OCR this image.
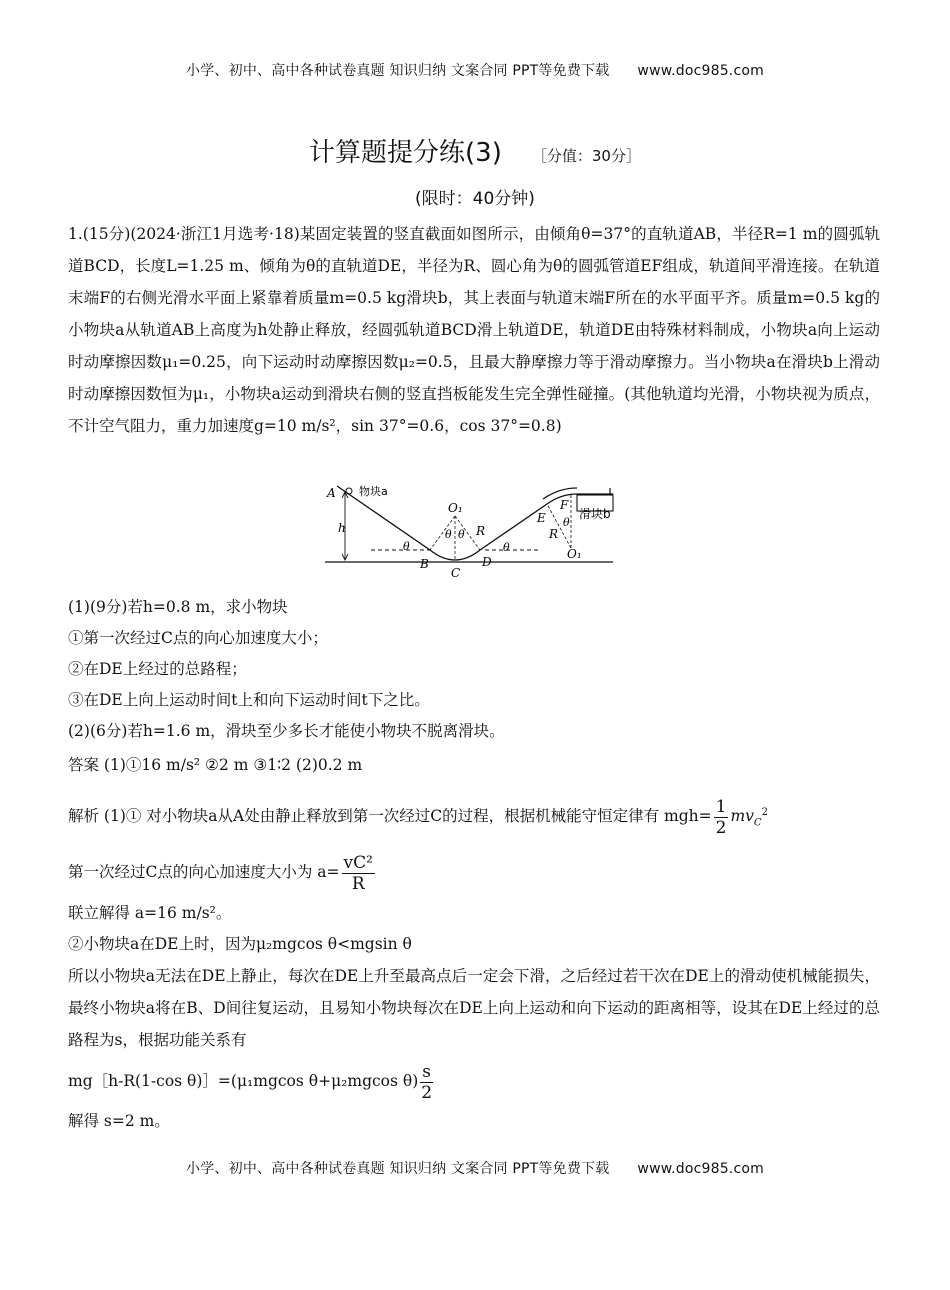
小学、初中、高中各种试卷真题 知识归纳 文案合同 PPT等免费下载 www.doc985.com
计算题提分练(3) ［分值：30分］
(限时：40分钟)
1.(15分)(2024·浙江1月选考·18)某固定装置的竖直截面如图所示，由倾角θ=37°的直轨道AB，半径R=1 m的圆弧轨道BCD，长度L=1.25 m、倾角为θ的直轨道DE，半径为R、圆心角为θ的圆弧管道EF组成，轨道间平滑连接。在轨道末端F的右侧光滑水平面上紧靠着质量m=0.5 kg滑块b，其上表面与轨道末端F所在的水平面平齐。质量m=0.5 kg的小物块a从轨道AB上高度为h处静止释放，经圆弧轨道BCD滑上轨道DE，轨道DE由特殊材料制成，小物块a向上运动时动摩擦因数μ₁=0.25，向下运动时动摩擦因数μ₂=0.5，且最大静摩擦力等于滑动摩擦力。当小物块a在滑块b上滑动时动摩擦因数恒为μ₁，小物块a运动到滑块右侧的竖直挡板能发生完全弹性碰撞。(其他轨道均光滑，小物块视为质点，不计空气阻力，重力加速度g=10 m/s²，sin 37°=0.6，cos 37°=0.8)
A 物块a
h
θ
B
C
D
O₁
θ θ R
θ
E
F
θ
R
O₁
滑块b
(1)(9分)若h=0.8 m，求小物块
①第一次经过C点的向心加速度大小；
②在DE上经过的总路程；
③在DE上向上运动时间t上和向下运动时间t下之比。
(2)(6分)若h=1.6 m，滑块至少多长才能使小物块不脱离滑块。
答案 (1)①16 m/s² ②2 m ③1∶2 (2)0.2 m
解析 (1)① 对小物块a从A处由静止释放到第一次经过C的过程，根据机械能守恒定律有 $mgh= \frac{1}{2} mv_C^2$
第一次经过C点的向心加速度大小为 $a= \frac{\text{vC²}}{R}$
联立解得 a=16 m/s²。
②小物块a在DE上时，因为μ₂mgcos θ<mgsin θ
所以小物块a无法在DE上静止，每次在DE上升至最高点后一定会下滑，之后经过若干次在DE上的滑动使机械能损失，最终小物块a将在B、D间往复运动，且易知小物块每次在DE上向上运动和向下运动的距离相等，设其在DE上经过的总路程为s，根据功能关系有
mg［h-R(1-cos θ)］=(μ₁mgcos θ+μ₂mgcos $\theta) \frac{s}{2}$
解得 s=2 m。
小学、初中、高中各种试卷真题 知识归纳 文案合同 PPT等免费下载 www.doc985.com
